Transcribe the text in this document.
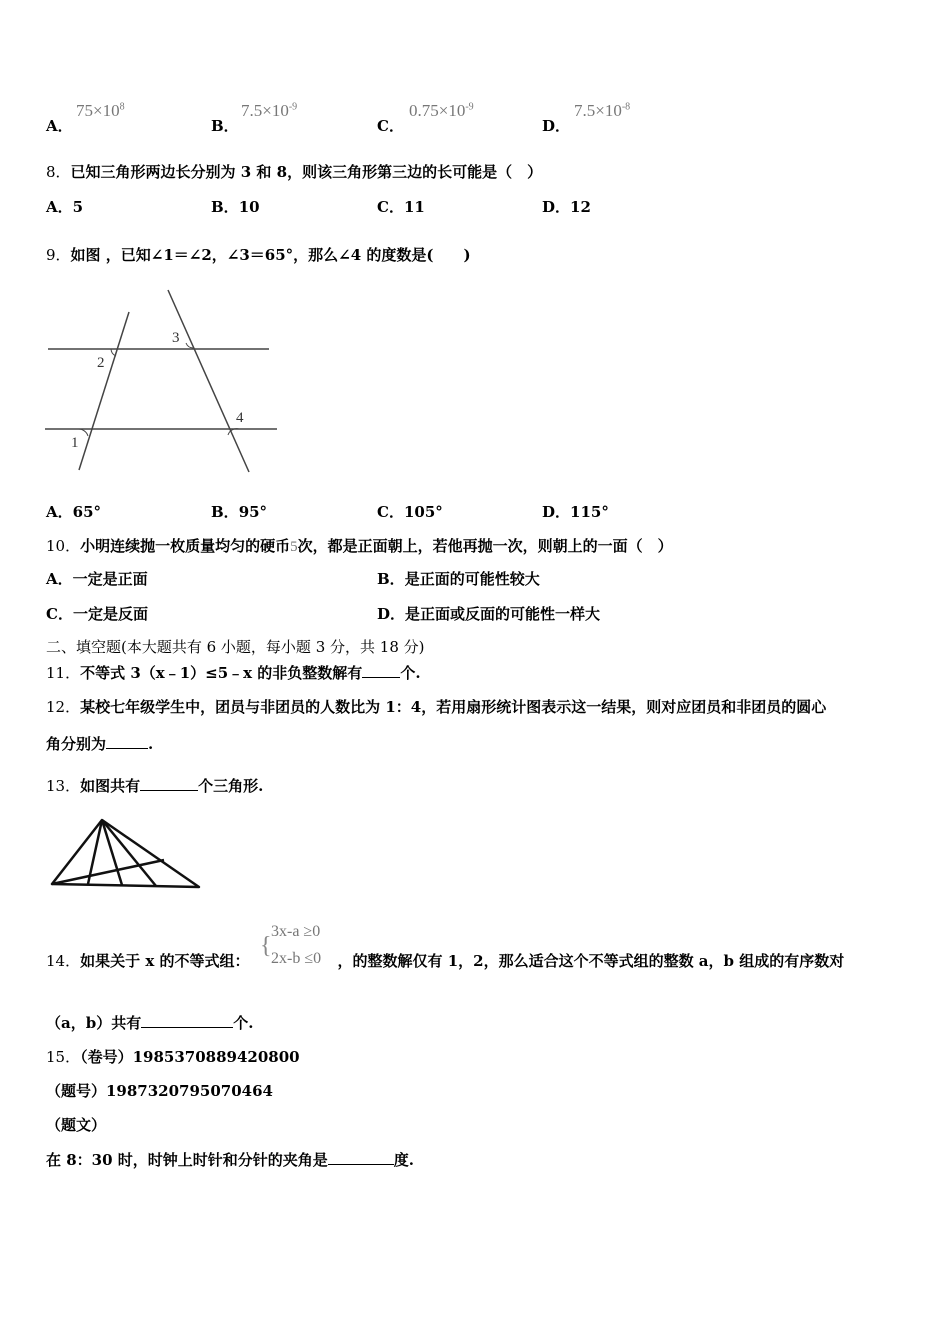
A．
$75\times 10^8$
B．
$7.5\times 10^{-9}$
C．
$0.75\times 10^{-9}$
D．
$7.5\times 10^{-8}$
8．已知三角形两边长分别为 3 和 8，则该三角形第三边的长可能是（　）
A．5	B．10	C．11	D．12
9．如图 ，已知∠1＝∠2，∠3＝65°，那么∠4 的度数是(　　)
2
1
3
4
A．65°	B．95°	C．105°	D．115°
10．小明连续抛一枚质量均匀的硬币5次，都是正面朝上，若他再抛一次，则朝上的一面（　）
A．一定是正面	B．是正面的可能性较大
C．一定是反面	D．是正面或反面的可能性一样大
二、填空题(本大题共有 6 小题，每小题 3 分，共 18 分)
11．不等式 3（x﹣1）≤5﹣x 的非负整数解有	个.
12．某校七年级学生中，团员与非团员的人数比为 1：4，若用扇形统计图表示这一结果，则对应团员和非团员的圆心
角分别为	.
13．如图共有	个三角形.
14．如果关于 x 的不等式组：	，的整数解仅有 1，2，那么适合这个不等式组的整数 a，b 组成的有序数对
{
3x-a ≥0
2x-b ≤0
（a，b）共有	个.
15．（卷号）1985370889420800
（题号）1987320795070464
（题文）
在 8：30 时，时钟上时针和分针的夹角是	度.
